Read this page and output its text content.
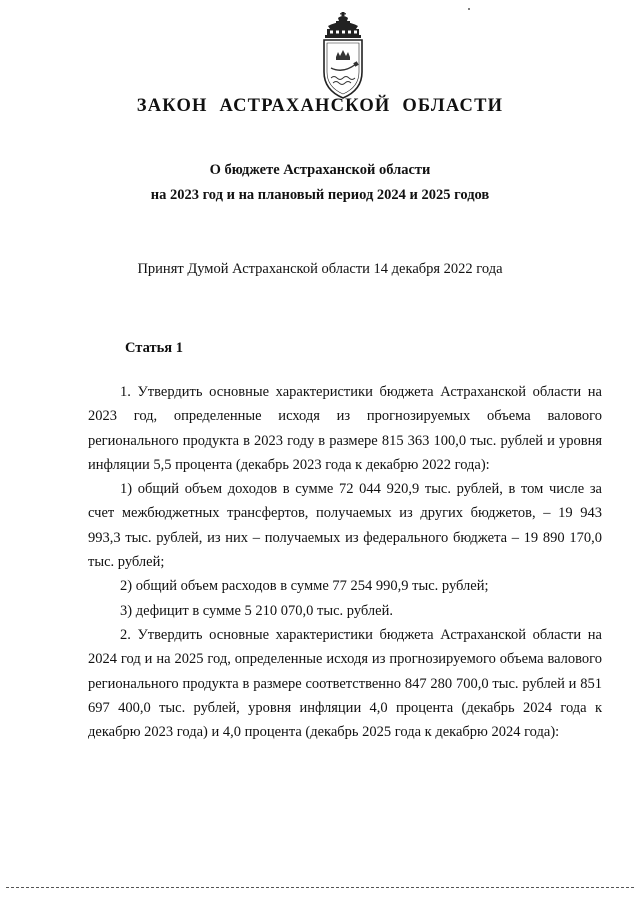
ЗАКОН АСТРАХАНСКОЙ ОБЛАСТИ

О бюджете Астраханской области

на 2023 год и на плановый период 2024 и 2025 годов

Принят Думой Астраханской области 14 декабря 2022 года

Статья 1

1. Утвердить основные характеристики бюджета Астраханской области на 2023 год, определенные исходя из прогнозируемых объема валового регионального продукта в 2023 году в размере 815 363 100,0 тыс. рублей и уровня инфляции 5,5 процента (декабрь 2023 года к декабрю 2022 года):

1) общий объем доходов в сумме 72 044 920,9 тыс. рублей, в том числе за счет межбюджетных трансфертов, получаемых из других бюджетов, – 19 943 993,3 тыс. рублей, из них – получаемых из федерального бюджета – 19 890 170,0 тыс. рублей;

2) общий объем расходов в сумме 77 254 990,9 тыс. рублей;

3) дефицит в сумме 5 210 070,0 тыс. рублей.

2. Утвердить основные характеристики бюджета Астраханской области на 2024 год и на 2025 год, определенные исходя из прогнозируемого объема валового регионального продукта в размере соответственно 847 280 700,0 тыс. рублей и 851 697 400,0 тыс. рублей, уровня инфляции 4,0 процента (декабрь 2024 года к декабрю 2023 года) и 4,0 процента (декабрь 2025 года к декабрю 2024 года):
